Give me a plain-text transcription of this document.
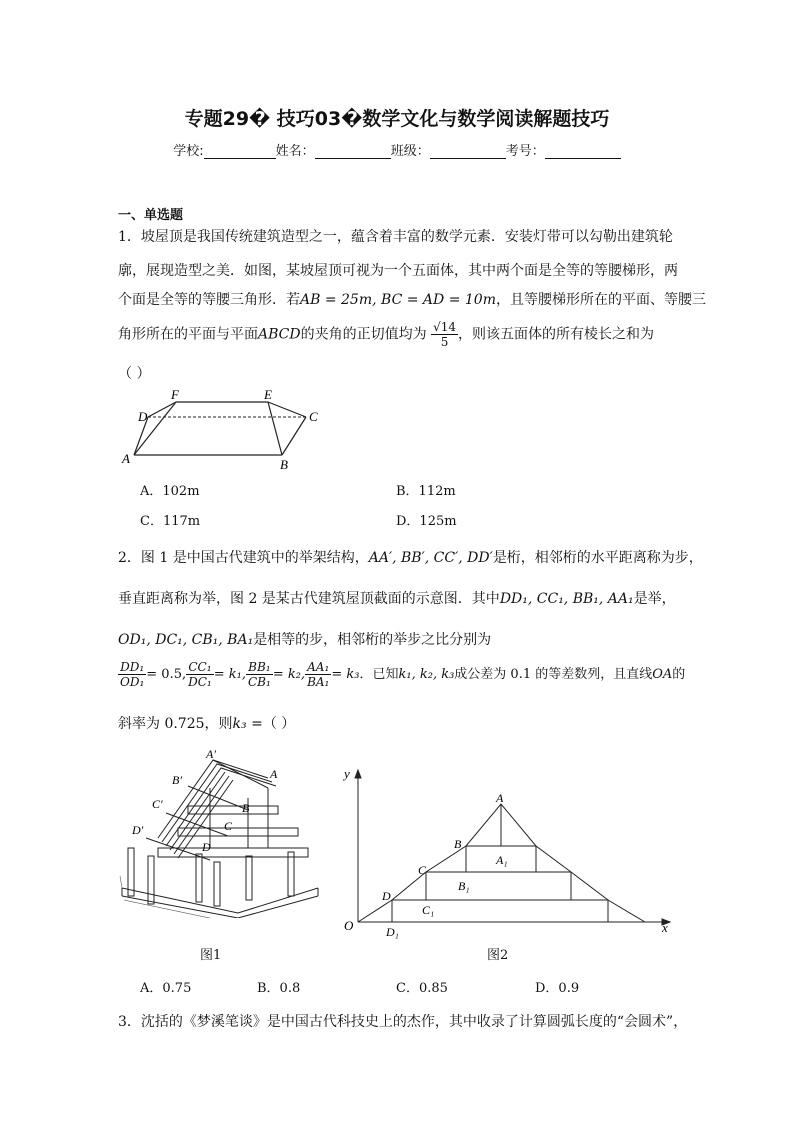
专题29� 技巧03�数学文化与数学阅读解题技巧
学校:	姓名：	班级：	考号：
一、单选题
1．坡屋顶是我国传统建筑造型之一，蕴含着丰富的数学元素．安装灯带可以勾勒出建筑轮
廓，展现造型之美．如图，某坡屋顶可视为一个五面体，其中两个面是全等的等腰梯形，两
个面是全等的等腰三角形．若AB = 25m, BC = AD = 10m，且等腰梯形所在的平面、等腰三
角形所在的平面与平面ABCD的夹角的正切值均为 $\frac{√14}{5}$ ，则该五面体的所有棱长之和为
（ ）
F	E
D	C
A	B
A．102m	B．112m
C．117m	D．125m
2．图 1 是中国古代建筑中的举架结构，AA′, BB′, CC′, DD′是桁，相邻桁的水平距离称为步，
垂直距离称为举，图 2 是某古代建筑屋顶截面的示意图．其中DD₁, CC₁, BB₁, AA₁是举，
OD₁, DC₁, CB₁, BA₁是相等的步，相邻桁的举步之比分别为
$\frac{\text{DD₁}}{\text{OD₁}} = 0.5$, $\frac{\text{CC₁}}{\text{DC₁}} = k_1$, $\frac{\text{BB₁}}{\text{CB₁}} = k_2$, $\frac{\text{AA₁}}{\text{BA₁}} = k_3$．已知k₁, k₂, k₃成公差为 0.1 的等差数列，且直线OA的
斜率为 0.725，则k₃ =（ ）
A′
B′
C′
D′
A
B
C
D
y
x
O
A
B
C
D
A₁
B₁
C₁
D₁
图1	图2
A．0.75	B．0.8	C．0.85	D．0.9
3．沈括的《梦溪笔谈》是中国古代科技史上的杰作，其中收录了计算圆弧长度的“会圆术”，
